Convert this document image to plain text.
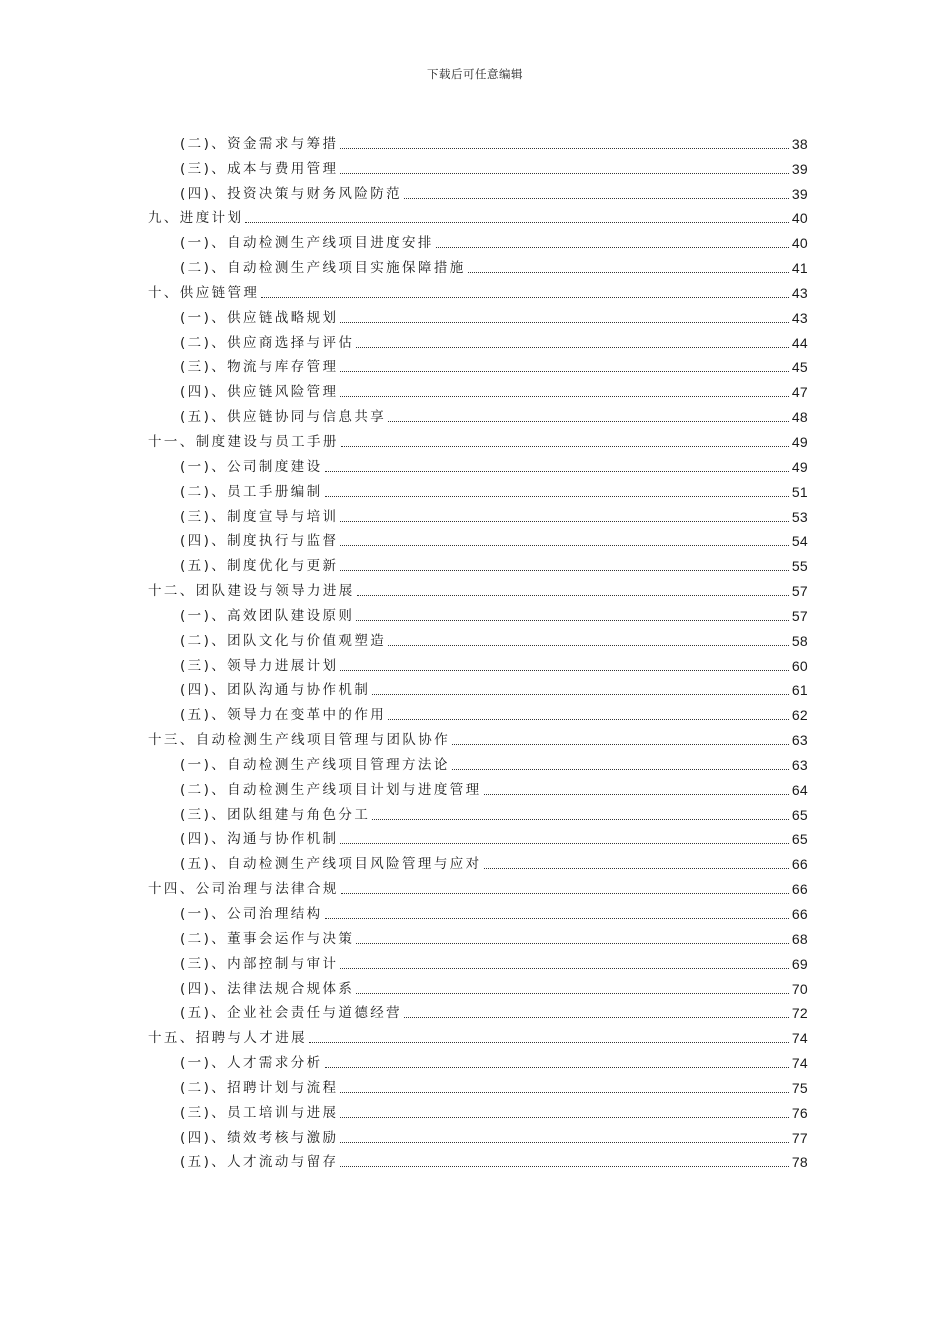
下载后可任意编辑
(二)、资金需求与筹措	38
(三)、成本与费用管理	39
(四)、投资决策与财务风险防范	39
九、进度计划	40
(一)、自动检测生产线项目进度安排	40
(二)、自动检测生产线项目实施保障措施	41
十、供应链管理	43
(一)、供应链战略规划	43
(二)、供应商选择与评估	44
(三)、物流与库存管理	45
(四)、供应链风险管理	47
(五)、供应链协同与信息共享	48
十一、制度建设与员工手册	49
(一)、公司制度建设	49
(二)、员工手册编制	51
(三)、制度宣导与培训	53
(四)、制度执行与监督	54
(五)、制度优化与更新	55
十二、团队建设与领导力进展	57
(一)、高效团队建设原则	57
(二)、团队文化与价值观塑造	58
(三)、领导力进展计划	60
(四)、团队沟通与协作机制	61
(五)、领导力在变革中的作用	62
十三、自动检测生产线项目管理与团队协作	63
(一)、自动检测生产线项目管理方法论	63
(二)、自动检测生产线项目计划与进度管理	64
(三)、团队组建与角色分工	65
(四)、沟通与协作机制	65
(五)、自动检测生产线项目风险管理与应对	66
十四、公司治理与法律合规	66
(一)、公司治理结构	66
(二)、董事会运作与决策	68
(三)、内部控制与审计	69
(四)、法律法规合规体系	70
(五)、企业社会责任与道德经营	72
十五、招聘与人才进展	74
(一)、人才需求分析	74
(二)、招聘计划与流程	75
(三)、员工培训与进展	76
(四)、绩效考核与激励	77
(五)、人才流动与留存	78
